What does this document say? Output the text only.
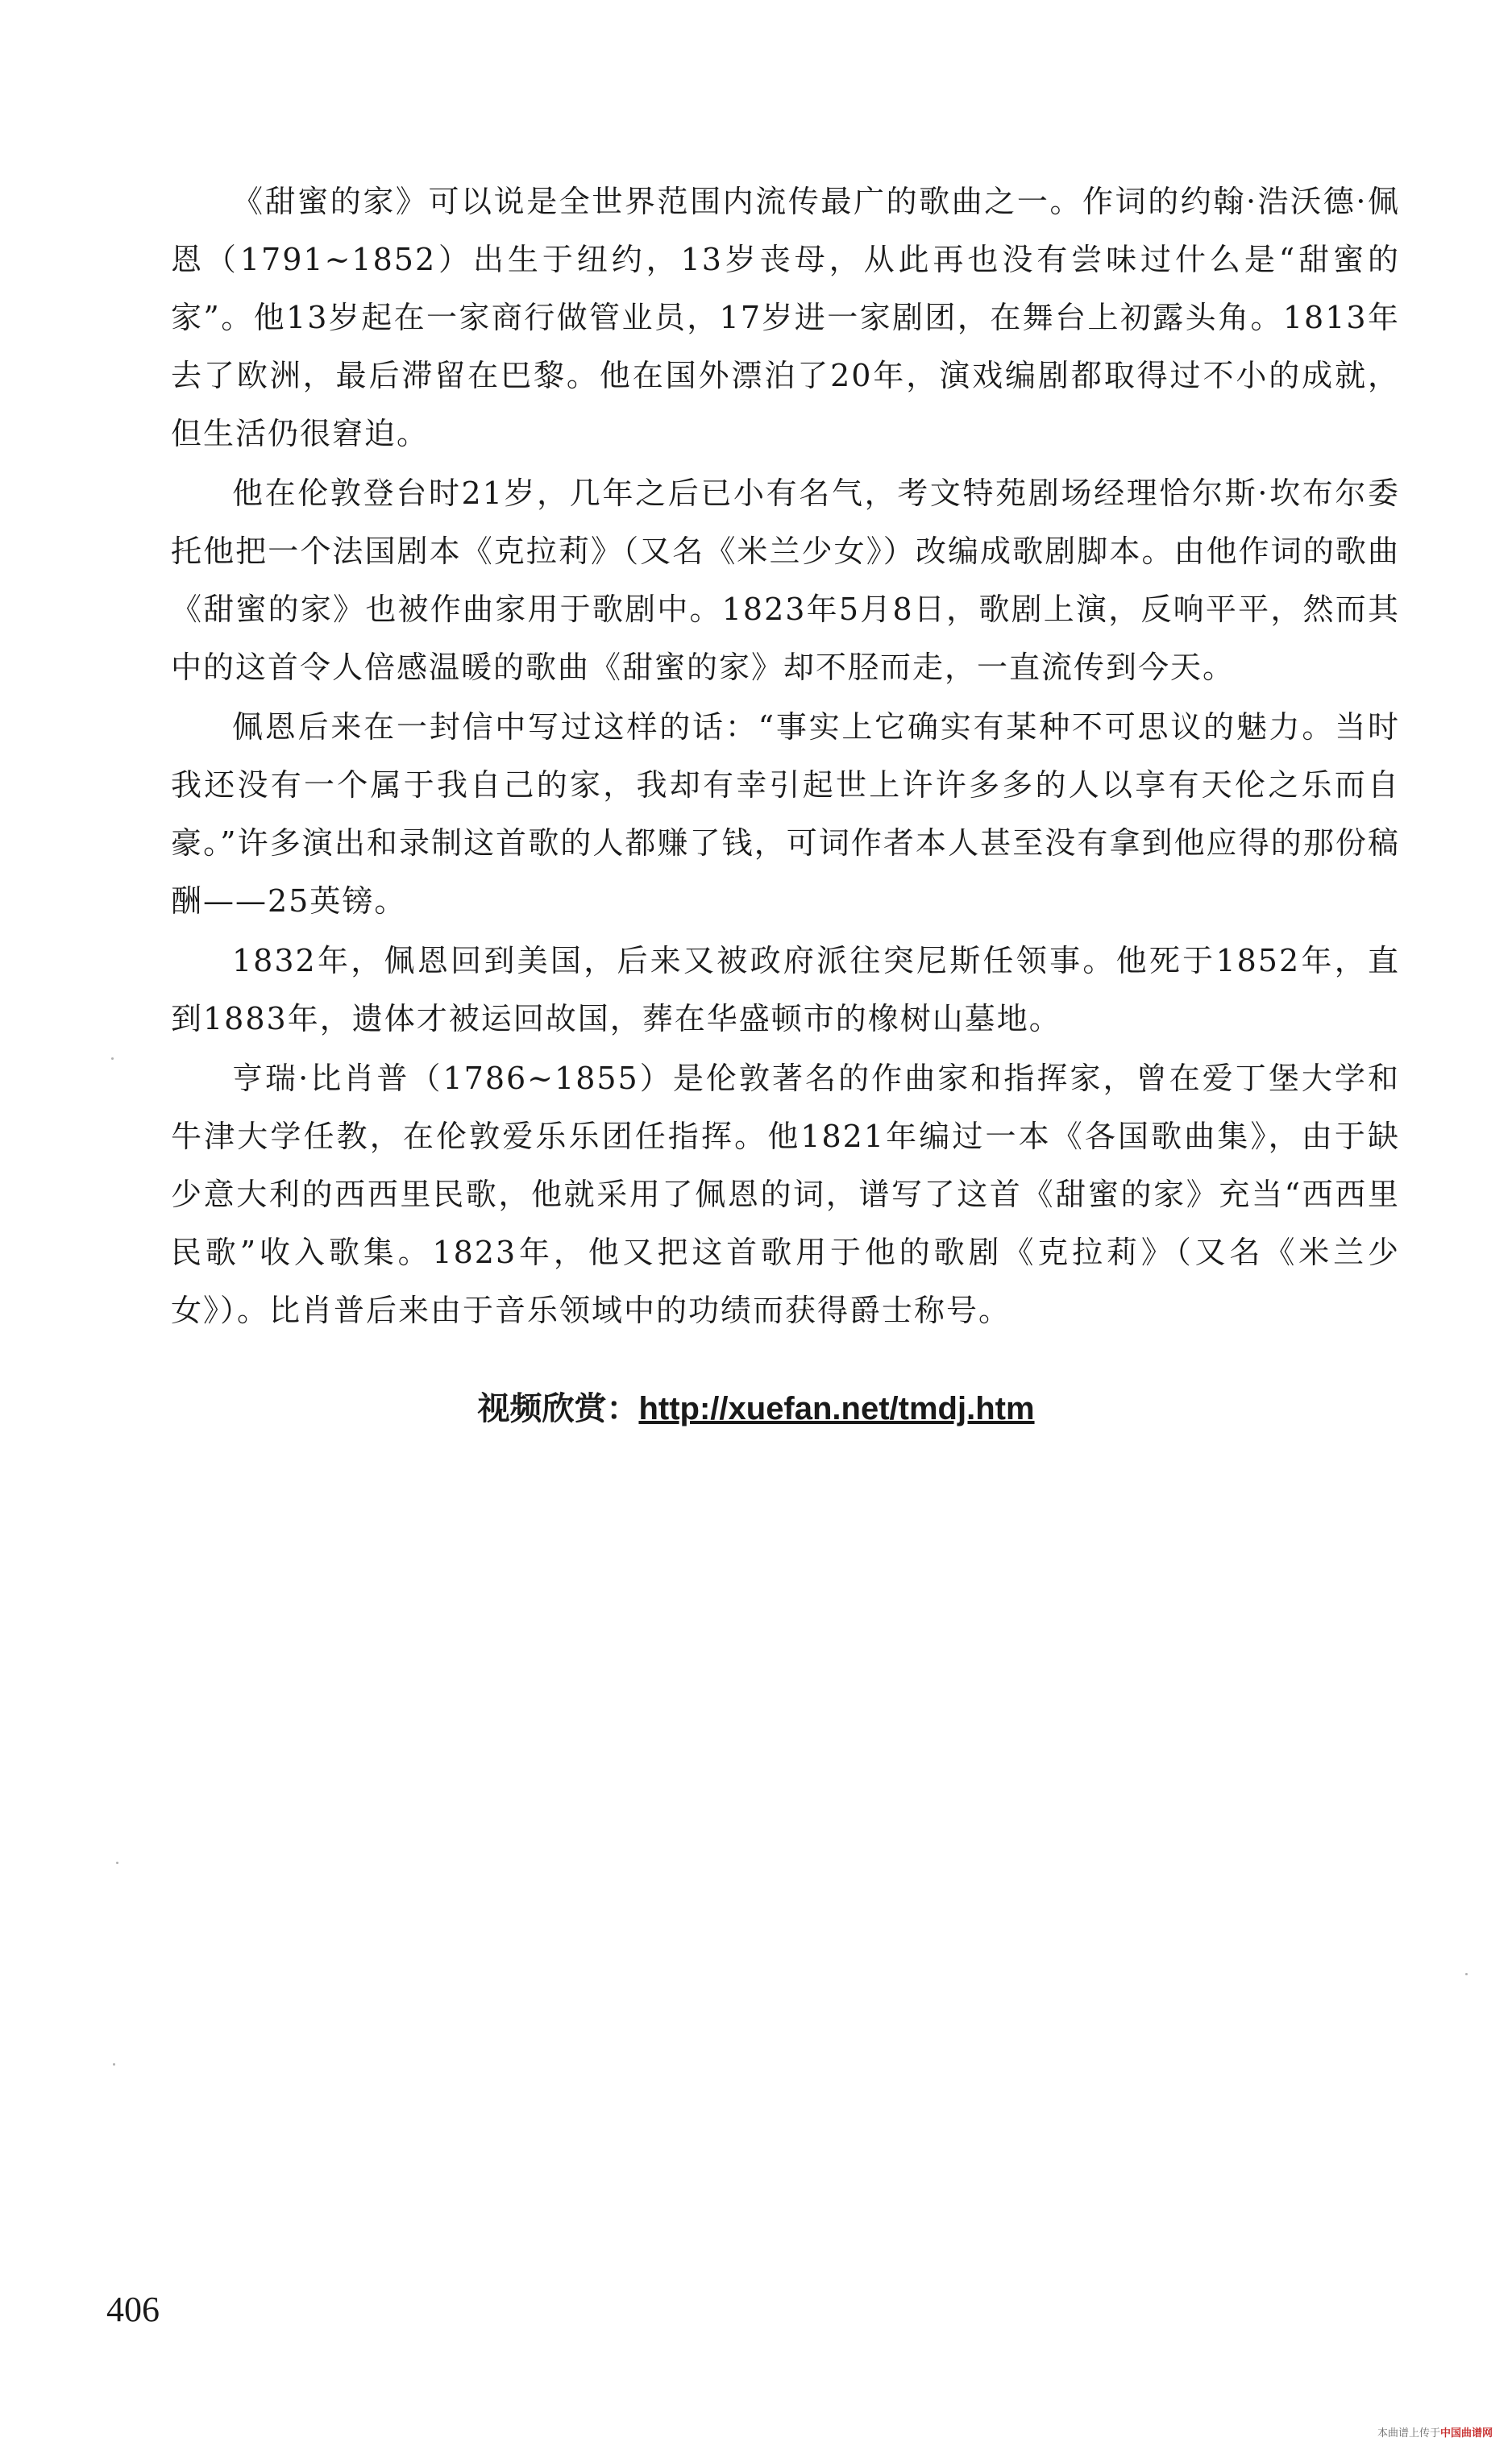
《甜蜜的家》可以说是全世界范围内流传最广的歌曲之一。作词的约翰·浩沃德·佩恩（1791~1852）出生于纽约，13岁丧母，从此再也没有尝味过什么是“甜蜜的家”。他13岁起在一家商行做管业员，17岁进一家剧团，在舞台上初露头角。1813年去了欧洲，最后滞留在巴黎。他在国外漂泊了20年，演戏编剧都取得过不小的成就，但生活仍很窘迫。

他在伦敦登台时21岁，几年之后已小有名气，考文特苑剧场经理恰尔斯·坎布尔委托他把一个法国剧本《克拉莉》（又名《米兰少女》）改编成歌剧脚本。由他作词的歌曲《甜蜜的家》也被作曲家用于歌剧中。1823年5月8日，歌剧上演，反响平平，然而其中的这首令人倍感温暖的歌曲《甜蜜的家》却不胫而走，一直流传到今天。

佩恩后来在一封信中写过这样的话：“事实上它确实有某种不可思议的魅力。当时我还没有一个属于我自己的家，我却有幸引起世上许许多多的人以享有天伦之乐而自豪。”许多演出和录制这首歌的人都赚了钱，可词作者本人甚至没有拿到他应得的那份稿酬——25英镑。

1832年，佩恩回到美国，后来又被政府派往突尼斯任领事。他死于1852年，直到1883年，遗体才被运回故国，葬在华盛顿市的橡树山墓地。

亨瑞·比肖普（1786~1855）是伦敦著名的作曲家和指挥家，曾在爱丁堡大学和牛津大学任教，在伦敦爱乐乐团任指挥。他1821年编过一本《各国歌曲集》，由于缺少意大利的西西里民歌，他就采用了佩恩的词，谱写了这首《甜蜜的家》充当“西西里民歌”收入歌集。1823年，他又把这首歌用于他的歌剧《克拉莉》（又名《米兰少女》）。比肖普后来由于音乐领域中的功绩而获得爵士称号。

视频欣赏：http://xuefan.net/tmdj.htm
406
本曲谱上传于中国曲谱网
